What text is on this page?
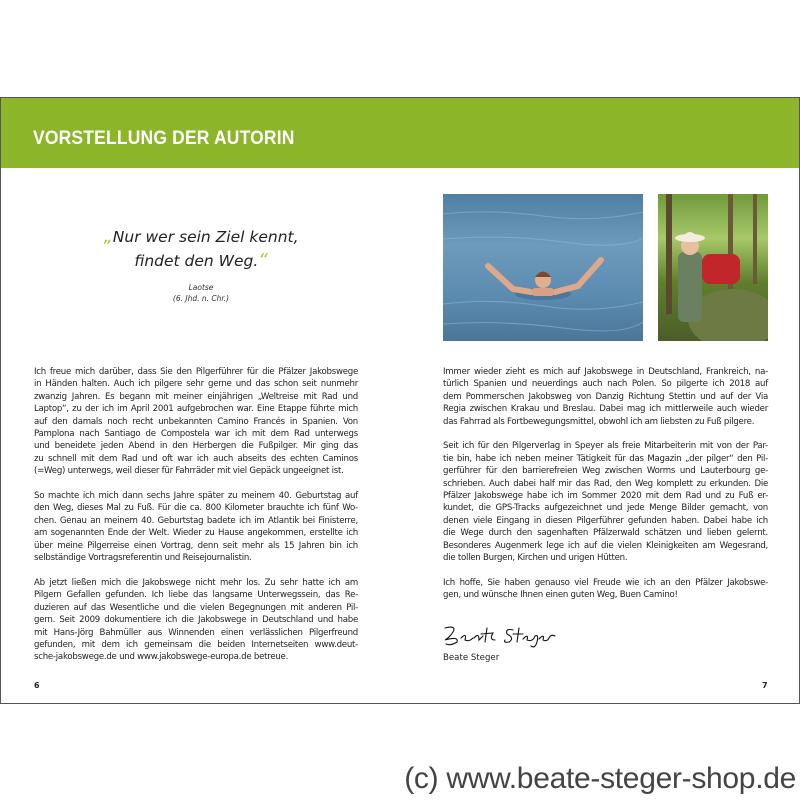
VORSTELLUNG DER AUTORIN
„Nur wer sein Ziel kennt,
findet den Weg.“
Laotse
(6. Jhd. n. Chr.)
Ich freue mich darüber, dass Sie den Pilgerführer für die Pfälzer Jakobswege
in Händen halten. Auch ich pilgere sehr gerne und das schon seit nunmehr
zwanzig Jahren. Es begann mit meiner einjährigen „Weltreise mit Rad und
Laptop“, zu der ich im April 2001 aufgebrochen war. Eine Etappe führte mich
auf den damals noch recht unbekannten Camino Francés in Spanien. Von
Pamplona nach Santiago de Compostela war ich mit dem Rad unterwegs
und beneidete jeden Abend in den Herbergen die Fußpilger. Mir ging das
zu schnell mit dem Rad und oft war ich auch abseits des echten Caminos
(=Weg) unterwegs, weil dieser für Fahrräder mit viel Gepäck ungeeignet ist.
So machte ich mich dann sechs Jahre später zu meinem 40. Geburtstag auf
den Weg, dieses Mal zu Fuß. Für die ca. 800 Kilometer brauchte ich fünf Wo-
chen. Genau an meinem 40. Geburtstag badete ich im Atlantik bei Finisterre,
am sogenannten Ende der Welt. Wieder zu Hause angekommen, erstellte ich
über meine Pilgerreise einen Vortrag, denn seit mehr als 15 Jahren bin ich
selbständige Vortragsreferentin und Reisejournalistin.
Ab jetzt ließen mich die Jakobswege nicht mehr los. Zu sehr hatte ich am
Pilgern Gefallen gefunden. Ich liebe das langsame Unterwegssein, das Re-
duzieren auf das Wesentliche und die vielen Begegnungen mit anderen Pil-
gern. Seit 2009 dokumentiere ich die Jakobswege in Deutschland und habe
mit Hans-Jörg Bahmüller aus Winnenden einen verlässlichen Pilgerfreund
gefunden, mit dem ich gemeinsam die beiden Internetseiten www.deut-
sche-jakobswege.de und www.jakobswege-europa.de betreue.
Immer wieder zieht es mich auf Jakobswege in Deutschland, Frankreich, na-
türlich Spanien und neuerdings auch nach Polen. So pilgerte ich 2018 auf
dem Pommerschen Jakobsweg von Danzig Richtung Stettin und auf der Via
Regia zwischen Krakau und Breslau. Dabei mag ich mittlerweile auch wieder
das Fahrrad als Fortbewegungsmittel, obwohl ich am liebsten zu Fuß pilgere.
Seit ich für den Pilgerverlag in Speyer als freie Mitarbeiterin mit von der Par-
tie bin, habe ich neben meiner Tätigkeit für das Magazin „der pilger“ den Pil-
gerführer für den barrierefreien Weg zwischen Worms und Lauterbourg ge-
schrieben. Auch dabei half mir das Rad, den Weg komplett zu erkunden. Die
Pfälzer Jakobswege habe ich im Sommer 2020 mit dem Rad und zu Fuß er-
kundet, die GPS-Tracks aufgezeichnet und jede Menge Bilder gemacht, von
denen viele Eingang in diesen Pilgerführer gefunden haben. Dabei habe ich
die Wege durch den sagenhaften Pfälzerwald schätzen und lieben gelernt.
Besonderes Augenmerk lege ich auf die vielen Kleinigkeiten am Wegesrand,
die tollen Burgen, Kirchen und urigen Hütten.
Ich hoffe, Sie haben genauso viel Freude wie ich an den Pfälzer Jakobswe-
gen, und wünsche Ihnen einen guten Weg, Buen Camino!
Beate Steger
6	7
(c) www.beate-steger-shop.de
